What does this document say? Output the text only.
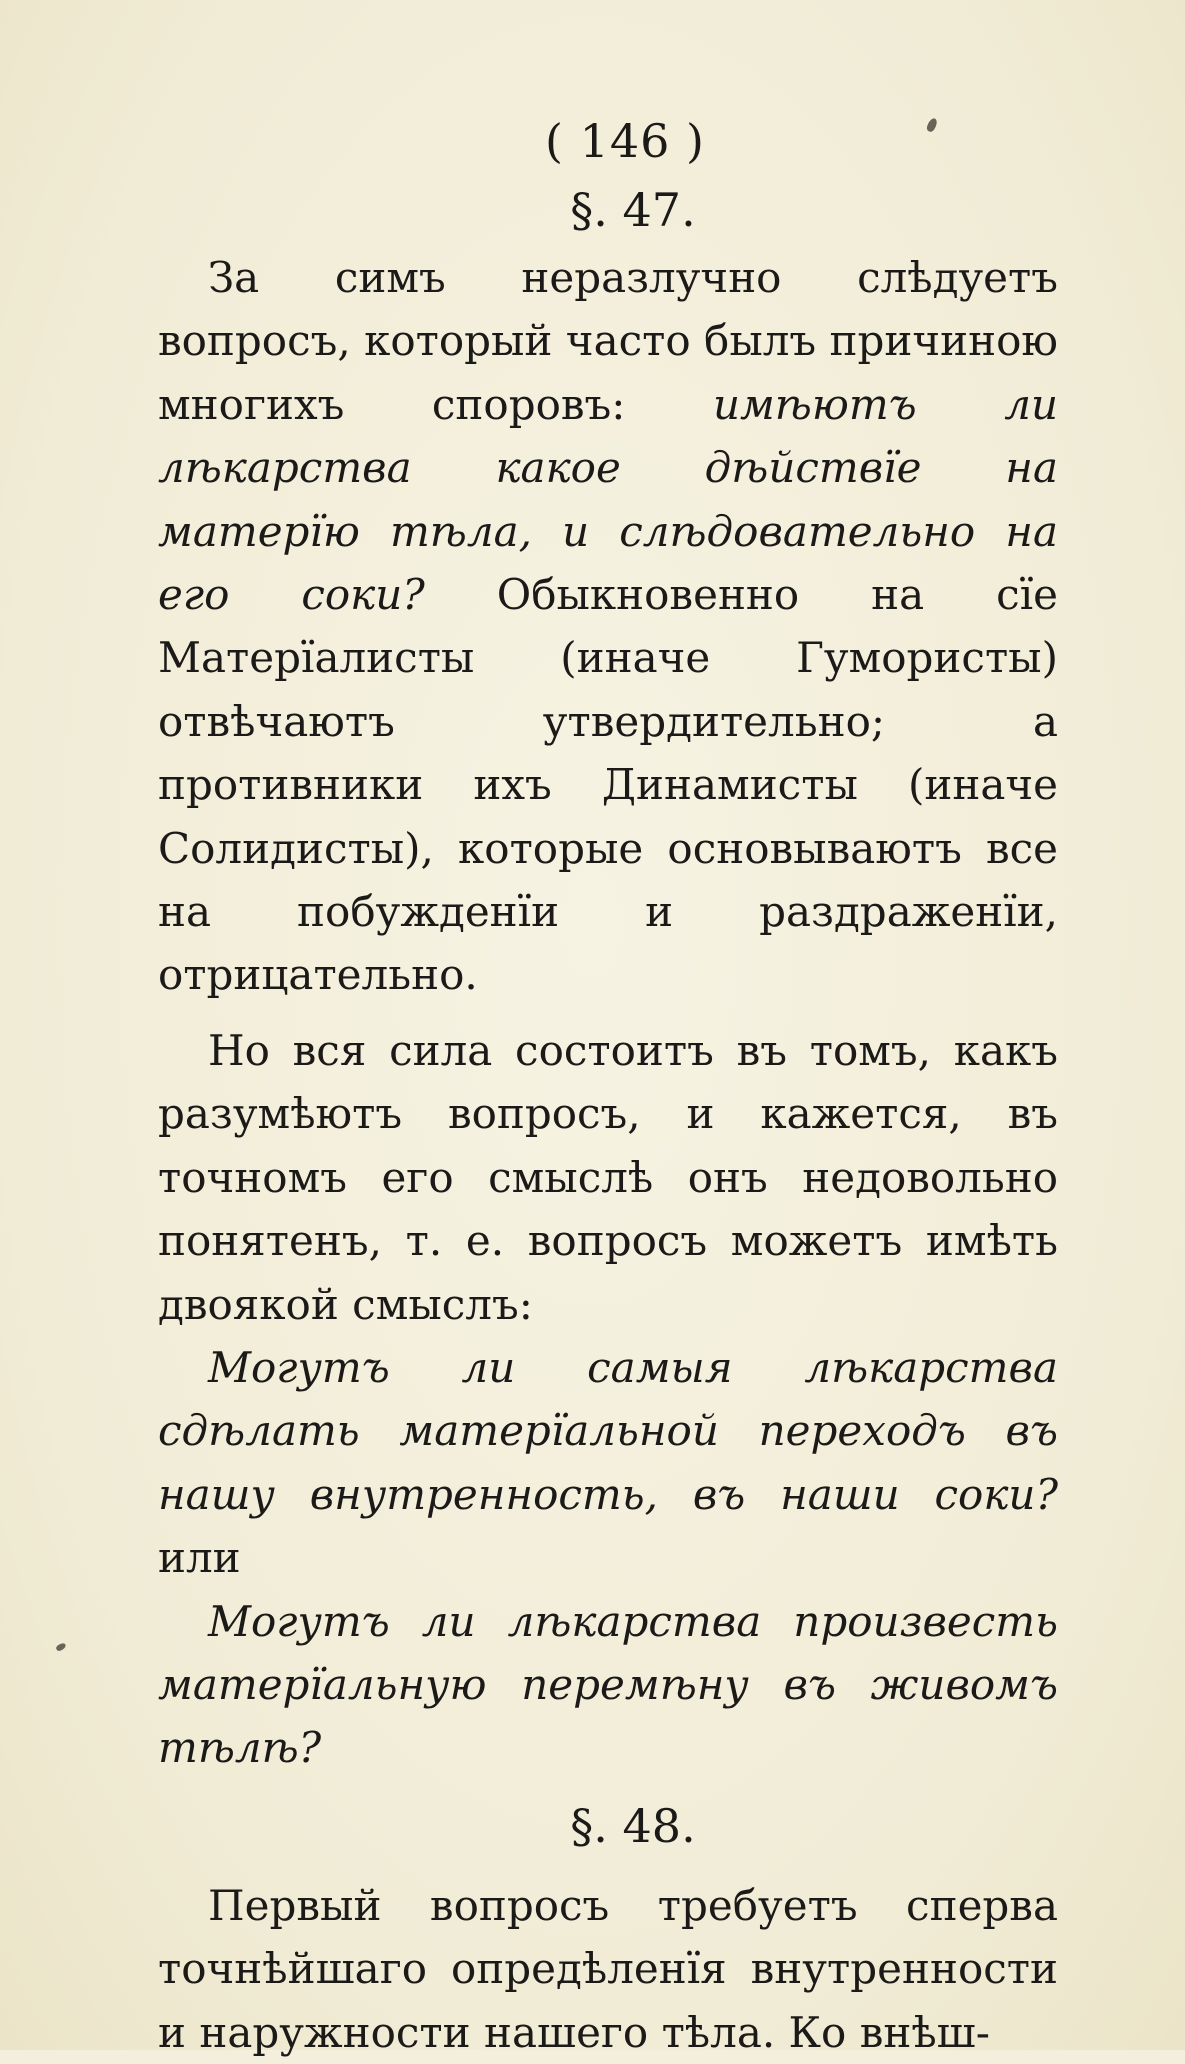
( 146 )
§. 47.

За симъ неразлучно слѣдуетъ вопросъ, который часто былъ причиною многихъ споровъ: имѣютъ ли лѣкарства какое дѣйствїе на матерїю тѣла, и слѣдовательно на его соки? Обыкновенно на сїе Матерїалисты (иначе Гумористы) отвѣчаютъ утвердительно; а противники ихъ Динамисты (иначе Солидисты), которые основываютъ все на побужденїи и раздраженїи, отрицательно.

Но вся сила состоитъ въ томъ, какъ разумѣютъ вопросъ, и кажется, въ точномъ его смыслѣ онъ недовольно понятенъ, т. е. вопросъ можетъ имѣть двоякой смыслъ:

Могутъ ли самыя лѣкарства сдѣлать матерїальной переходъ въ нашу внутренность, въ наши соки? или

Могутъ ли лѣкарства произвесть матерїальную перемѣну въ живомъ тѣлѣ?

§. 48.

Первый вопросъ требуетъ сперва точнѣйшаго опредѣленїя внутренности и наружности нашего тѣла. Ко внѣш-
